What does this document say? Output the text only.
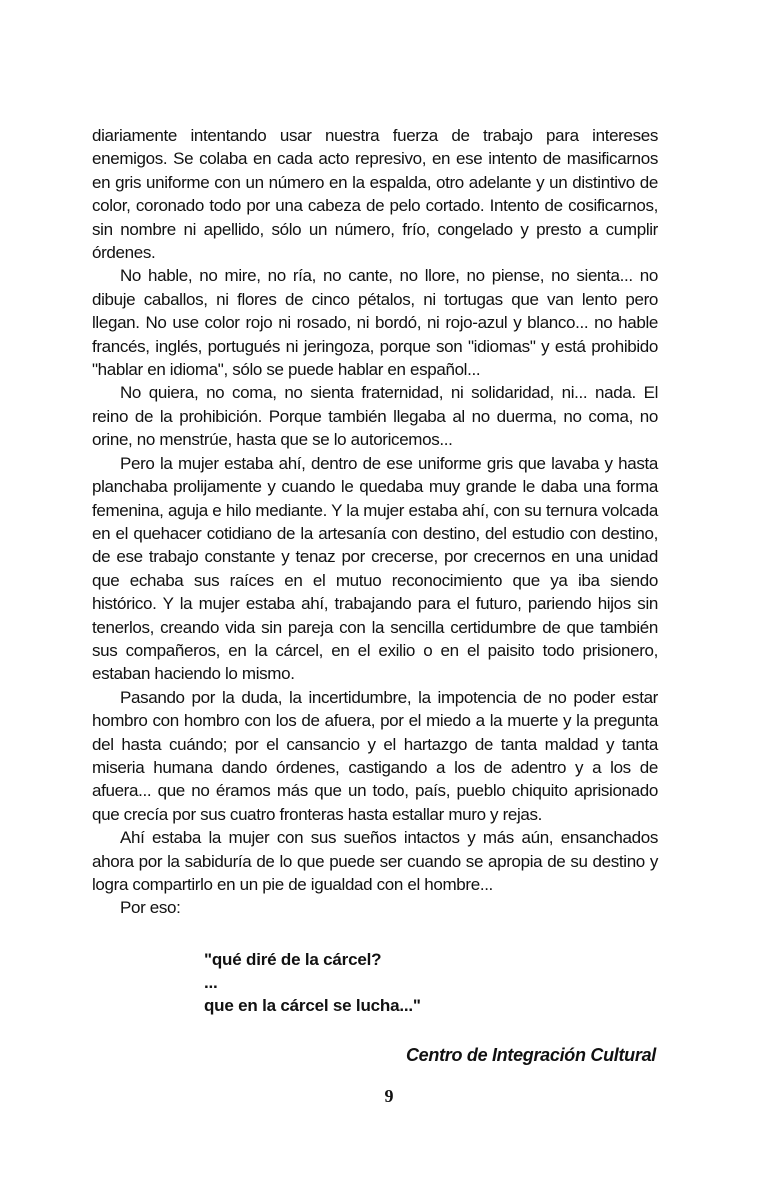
diariamente intentando usar nuestra fuerza de trabajo para intereses enemigos. Se colaba en cada acto represivo, en ese intento de masificarnos en gris uniforme con un número en la espalda, otro adelante y un distintivo de color, coronado todo por una cabeza de pelo cortado. Intento de cosificarnos, sin nombre ni apellido, sólo un número, frío, congelado y presto a cumplir órdenes.

No hable, no mire, no ría, no cante, no llore, no piense, no sienta... no dibuje caballos, ni flores de cinco pétalos, ni tortugas que van lento pero llegan. No use color rojo ni rosado, ni bordó, ni rojo-azul y blanco... no hable francés, inglés, portugués ni jeringoza, porque son "idiomas" y está prohibido "hablar en idioma", sólo se puede hablar en español...

No quiera, no coma, no sienta fraternidad, ni solidaridad, ni... nada. El reino de la prohibición. Porque también llegaba al no duerma, no coma, no orine, no menstrúe, hasta que se lo autoricemos...

Pero la mujer estaba ahí, dentro de ese uniforme gris que lavaba y hasta planchaba prolijamente y cuando le quedaba muy grande le daba una forma femenina, aguja e hilo mediante. Y la mujer estaba ahí, con su ternura volcada en el quehacer cotidiano de la artesanía con destino, del estudio con destino, de ese trabajo constante y tenaz por crecerse, por crecernos en una unidad que echaba sus raíces en el mutuo reconocimiento que ya iba siendo histórico. Y la mujer estaba ahí, trabajando para el futuro, pariendo hijos sin tenerlos, creando vida sin pareja con la sencilla certidumbre de que también sus compañeros, en la cárcel, en el exilio o en el paisito todo prisionero, estaban haciendo lo mismo.

Pasando por la duda, la incertidumbre, la impotencia de no poder estar hombro con hombro con los de afuera, por el miedo a la muerte y la pregunta del hasta cuándo; por el cansancio y el hartazgo de tanta maldad y tanta miseria humana dando órdenes, castigando a los de adentro y a los de afuera... que no éramos más que un todo, país, pueblo chiquito aprisionado que crecía por sus cuatro fronteras hasta estallar muro y rejas.

Ahí estaba la mujer con sus sueños intactos y más aún, ensanchados ahora por la sabiduría de lo que puede ser cuando se apropia de su destino y logra compartirlo en un pie de igualdad con el hombre...

Por eso:

"qué diré de la cárcel?
...
que en la cárcel se lucha..."
Centro de Integración Cultural
9
